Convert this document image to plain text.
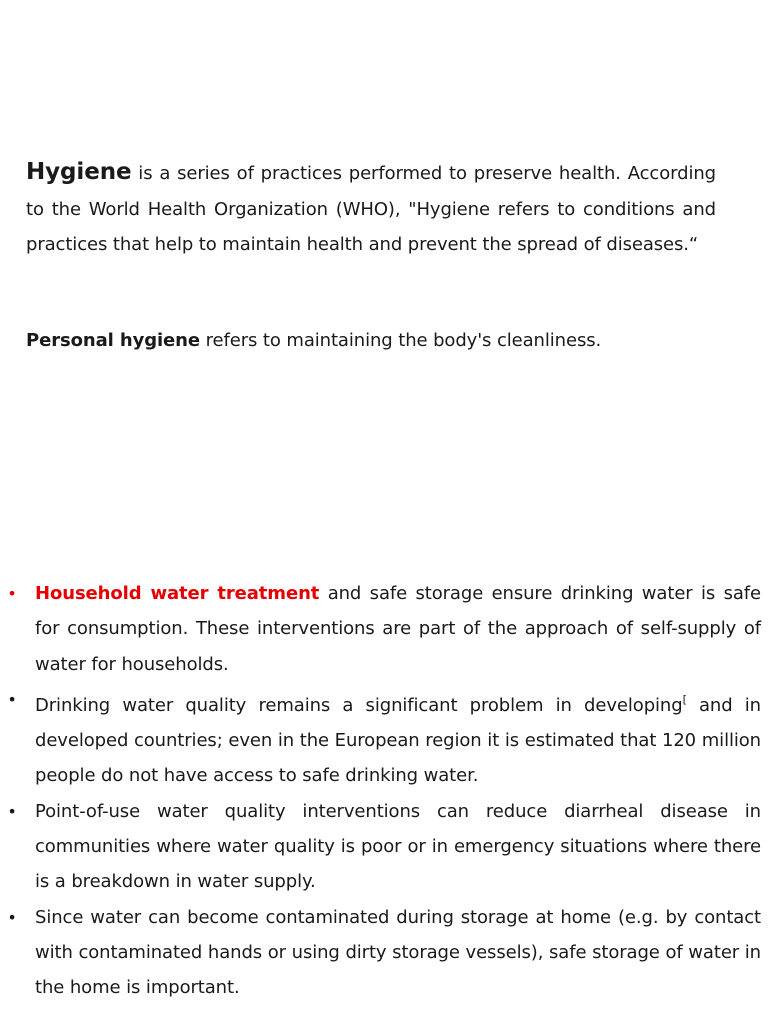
Hygiene is a series of practices performed to preserve health. According to the World Health Organization (WHO), "Hygiene refers to conditions and practices that help to maintain health and prevent the spread of diseases.“

Personal hygiene refers to maintaining the body's cleanliness.

• Household water treatment and safe storage ensure drinking water is safe for consumption. These interventions are part of the approach of self-supply of water for households.
• Drinking water quality remains a significant problem in developing[ and in developed countries; even in the European region it is estimated that 120 million people do not have access to safe drinking water.
• Point-of-use water quality interventions can reduce diarrheal disease in communities where water quality is poor or in emergency situations where there is a breakdown in water supply.
• Since water can become contaminated during storage at home (e.g. by contact with contaminated hands or using dirty storage vessels), safe storage of water in the home is important.
